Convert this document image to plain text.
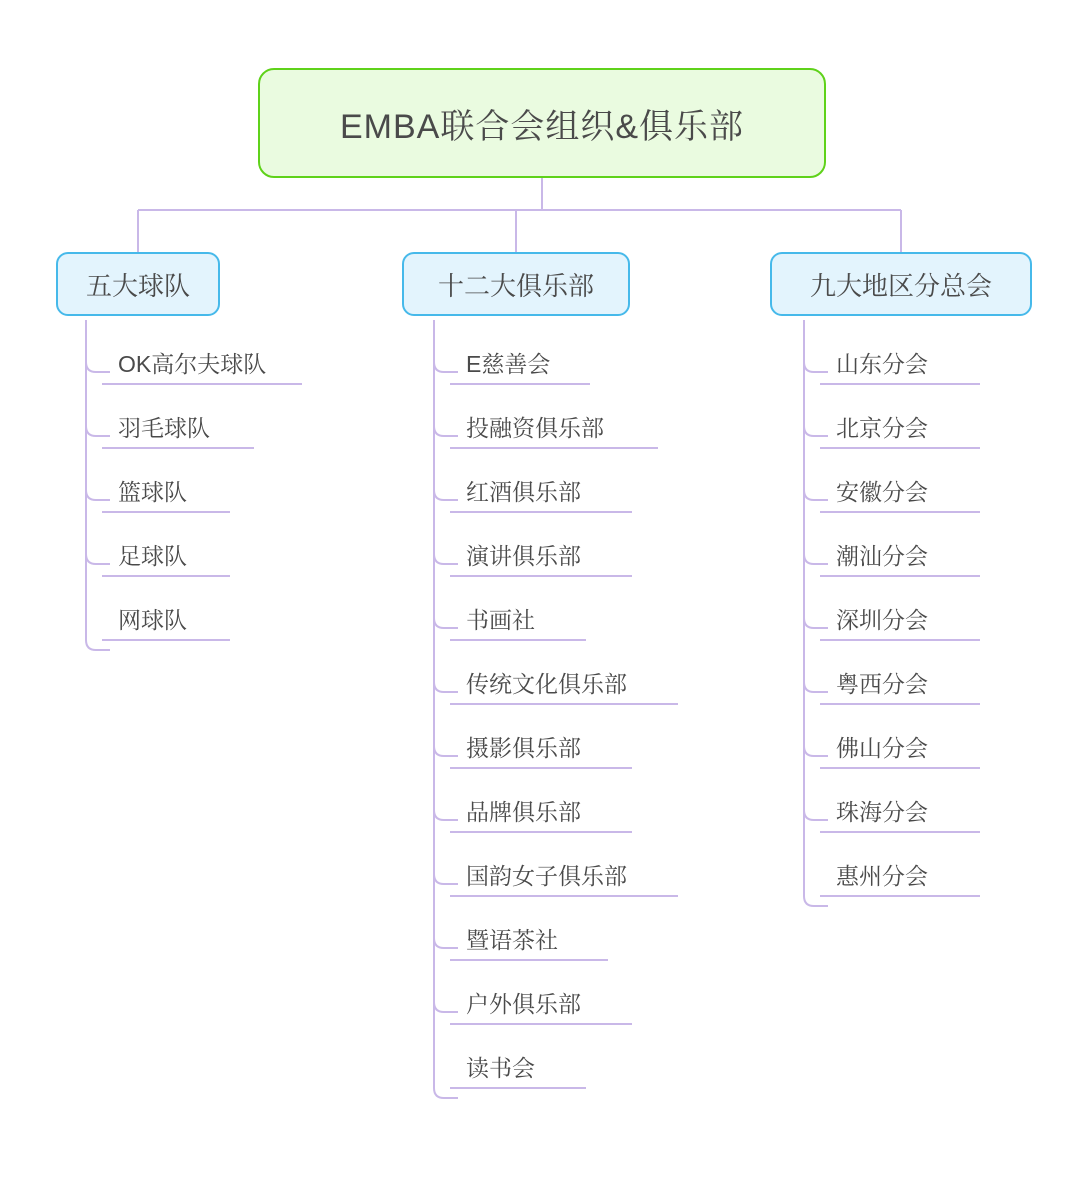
EMBA联合会组织&俱乐部
五大球队	十二大俱乐部	九大地区分总会
OK高尔夫球队
羽毛球队
篮球队
足球队
网球队
E慈善会
投融资俱乐部
红酒俱乐部
演讲俱乐部
书画社
传统文化俱乐部
摄影俱乐部
品牌俱乐部
国韵女子俱乐部
暨语茶社
户外俱乐部
读书会
山东分会
北京分会
安徽分会
潮汕分会
深圳分会
粤西分会
佛山分会
珠海分会
惠州分会
